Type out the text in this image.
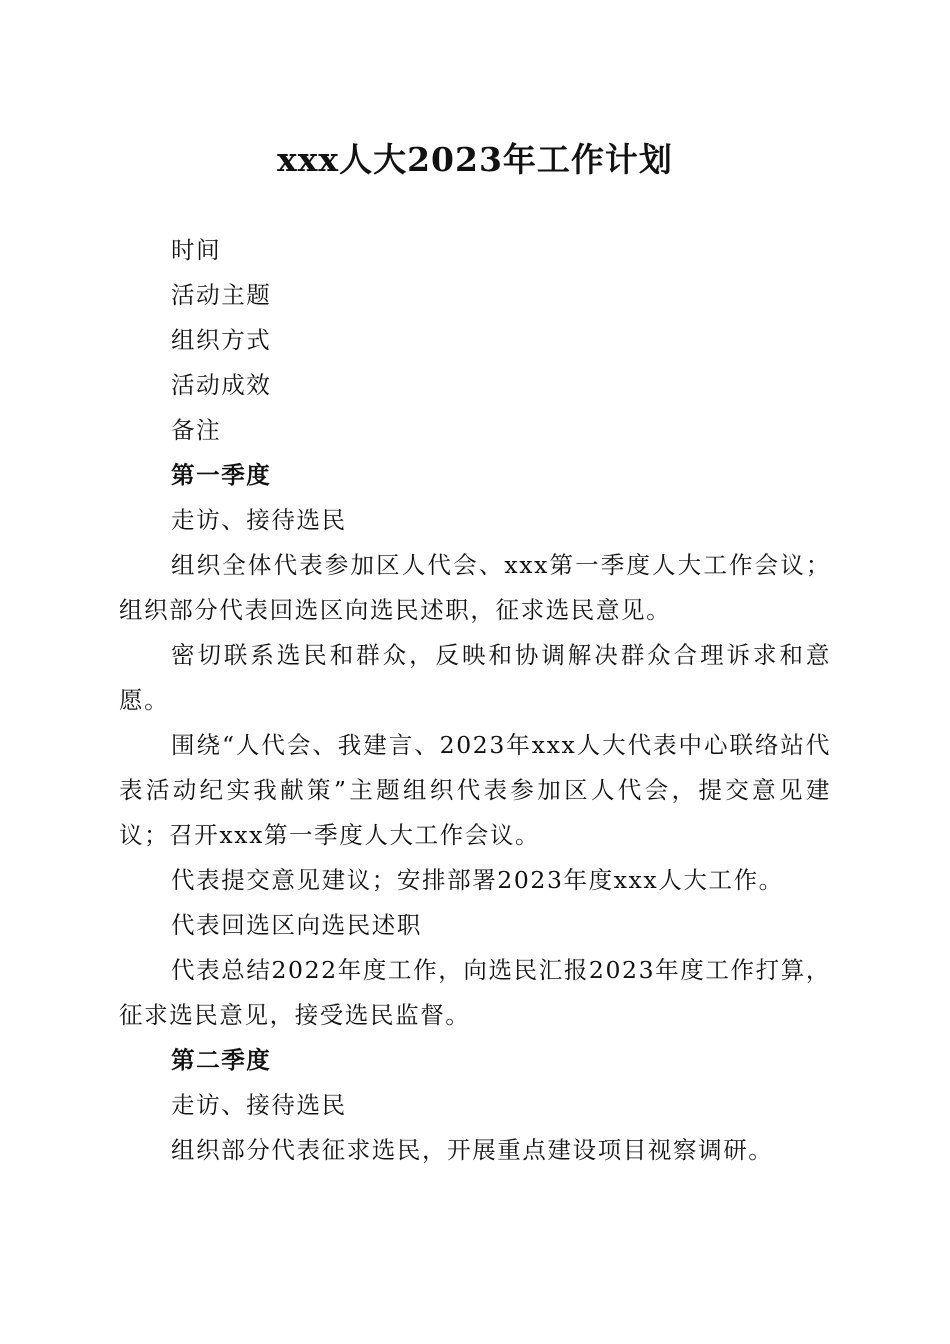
xxx人大2023年工作计划

时间

活动主题

组织方式

活动成效

备注

第一季度

走访、接待选民

组织全体代表参加区人代会、xxx第一季度人大工作会议；组织部分代表回选区向选民述职，征求选民意见。

密切联系选民和群众，反映和协调解决群众合理诉求和意愿。

围绕“人代会、我建言、2023年xxx人大代表中心联络站代表活动纪实我献策”主题组织代表参加区人代会，提交意见建议；召开xxx第一季度人大工作会议。

代表提交意见建议；安排部署2023年度xxx人大工作。

代表回选区向选民述职

代表总结2022年度工作，向选民汇报2023年度工作打算，征求选民意见，接受选民监督。

第二季度

走访、接待选民

组织部分代表征求选民，开展重点建设项目视察调研。
